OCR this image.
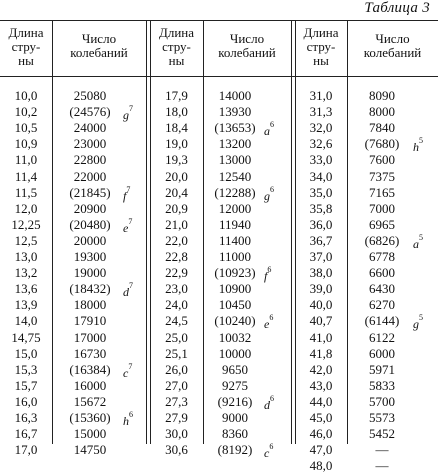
Таблица 3
Длина
стру-
ны
Число
колебаний
10,0	25080
10,2	(24576)	$g^7$
10,5	24000
10,9	23000
11,0	22800
11,4	22000
11,5	(21845)	$f^7$
12,0	20900
12,25	(20480)	$e^7$
12,5	20000
13,0	19300
13,2	19000
13,6	(18432)	$d^7$
13,9	18000
14,0	17910
14,75	17000
15,0	16730
15,3	(16384)	$c^7$
15,7	16000
16,0	15672
16,3	(15360)	$h^6$
16,7	15000
17,0	14750
Длина
стру-
ны
Число
колебаний
17,9	14000
18,0	13930
18,4	(13653) $a^6$
19,0	13200
19,3	13000
20,0	12540
20,4	(12288) $g^6$
20,9	12000
21,0	11940
22,0	11400
22,8	11000
22,9	(10923) $f^6$
23,0	10900
24,0	10450
24,5	(10240) $e^6$
25,0	10032
25,1	10000
26,0	9650
27,0	9275
27,3	(9216) $d^6$
27,9	9000
30,0	8360
30,6	(8192) $c^6$
Длина
стру-
ны
Число
колебаний
31,0	8090
31,3	8000
32,0	7840
32,6	(7680)	$h^5$
33,0	7600
34,0	7375
35,0	7165
35,8	7000
36,0	6965
36,7	(6826)	$a^5$
37,0	6778
38,0	6600
39,0	6430
40,0	6270
40,7	(6144)	$g^5$
41,0	6122
41,8	6000
42,0	5971
43,0	5833
44,0	5700
45,0	5573
46,0	5452
47,0	—
48,0	—
